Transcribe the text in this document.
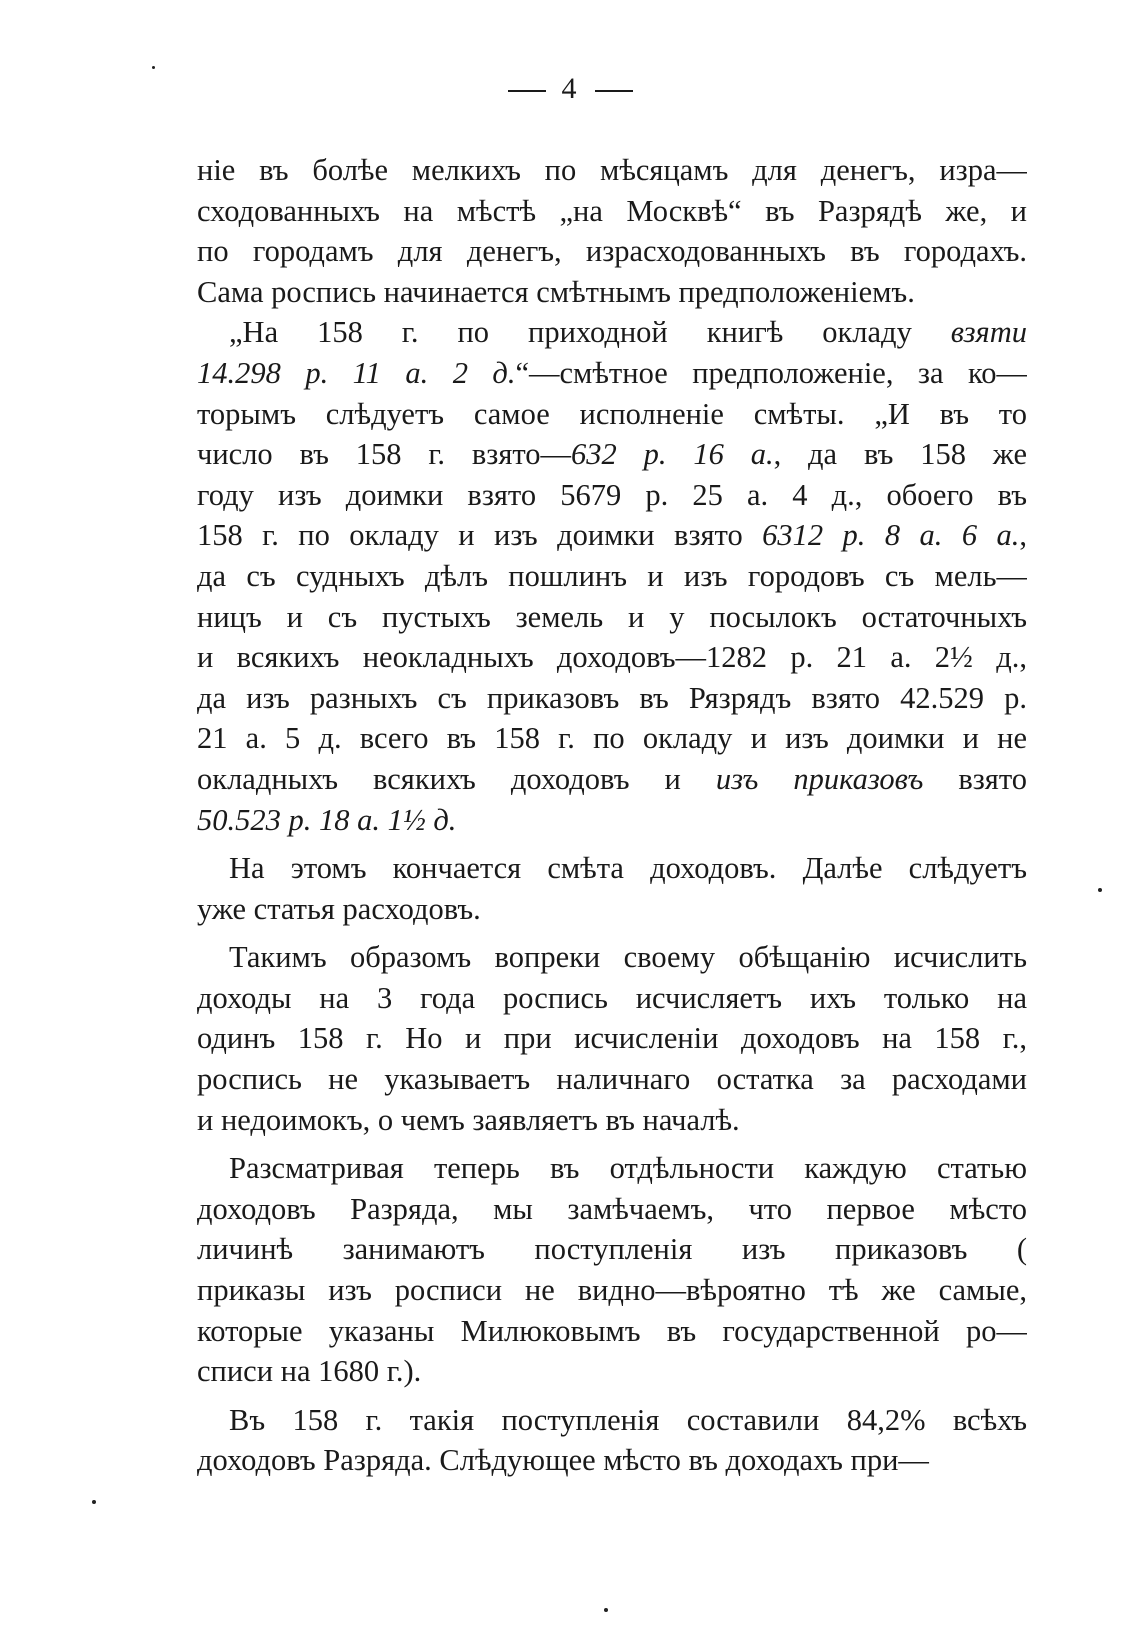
4
ніе въ болѣе мелкихъ по мѣсяцамъ для денегъ, изра—
сходованныхъ на мѣстѣ „на Москвѣ“ въ Разрядѣ же, и
по городамъ для денегъ, израсходованныхъ въ городахъ.
Сама роспись начинается смѣтнымъ предположеніемъ.
„На 158 г. по приходной книгѣ окладу взяти
14.298 р. 11 а. 2 д.“—смѣтное предположеніе, за ко—
торымъ слѣдуетъ самое исполненіе смѣты. „И въ то
число въ 158 г. взято—632 р. 16 а., да въ 158 же
году изъ доимки взято 5679 р. 25 а. 4 д., обоего въ
158 г. по окладу и изъ доимки взято 6312 р. 8 а. 6 а.,
да съ судныхъ дѣлъ пошлинъ и изъ городовъ съ мель—
ницъ и съ пустыхъ земель и у посылокъ остаточныхъ
и всякихъ неокладныхъ доходовъ—1282 р. 21 а. 2½ д.,
да изъ разныхъ съ приказовъ въ Рязрядъ взято 42.529 р.
21 а. 5 д. всего въ 158 г. по окладу и изъ доимки и не
окладныхъ всякихъ доходовъ и изъ приказовъ взято
50.523 р. 18 а. 1½ д.
На этомъ кончается смѣта доходовъ. Далѣе слѣдуетъ
уже статья расходовъ.
Такимъ образомъ вопреки своему обѣщанію исчислить
доходы на 3 года роспись исчисляетъ ихъ только на
одинъ 158 г. Но и при исчисленіи доходовъ на 158 г.,
роспись не указываетъ наличнаго остатка за расходами
и недоимокъ, о чемъ заявляетъ въ началѣ.
Разсматривая теперь въ отдѣльности каждую статью
доходовъ Разряда, мы замѣчаемъ, что первое мѣсто
личинѣ занимаютъ поступленія изъ приказовъ (
приказы изъ росписи не видно—вѣроятно тѣ же самые,
которые указаны Милюковымъ въ государственной ро—
списи на 1680 г.).
Въ 158 г. такія поступленія составили 84,2% всѣхъ
доходовъ Разряда. Слѣдующее мѣсто въ доходахъ при—
